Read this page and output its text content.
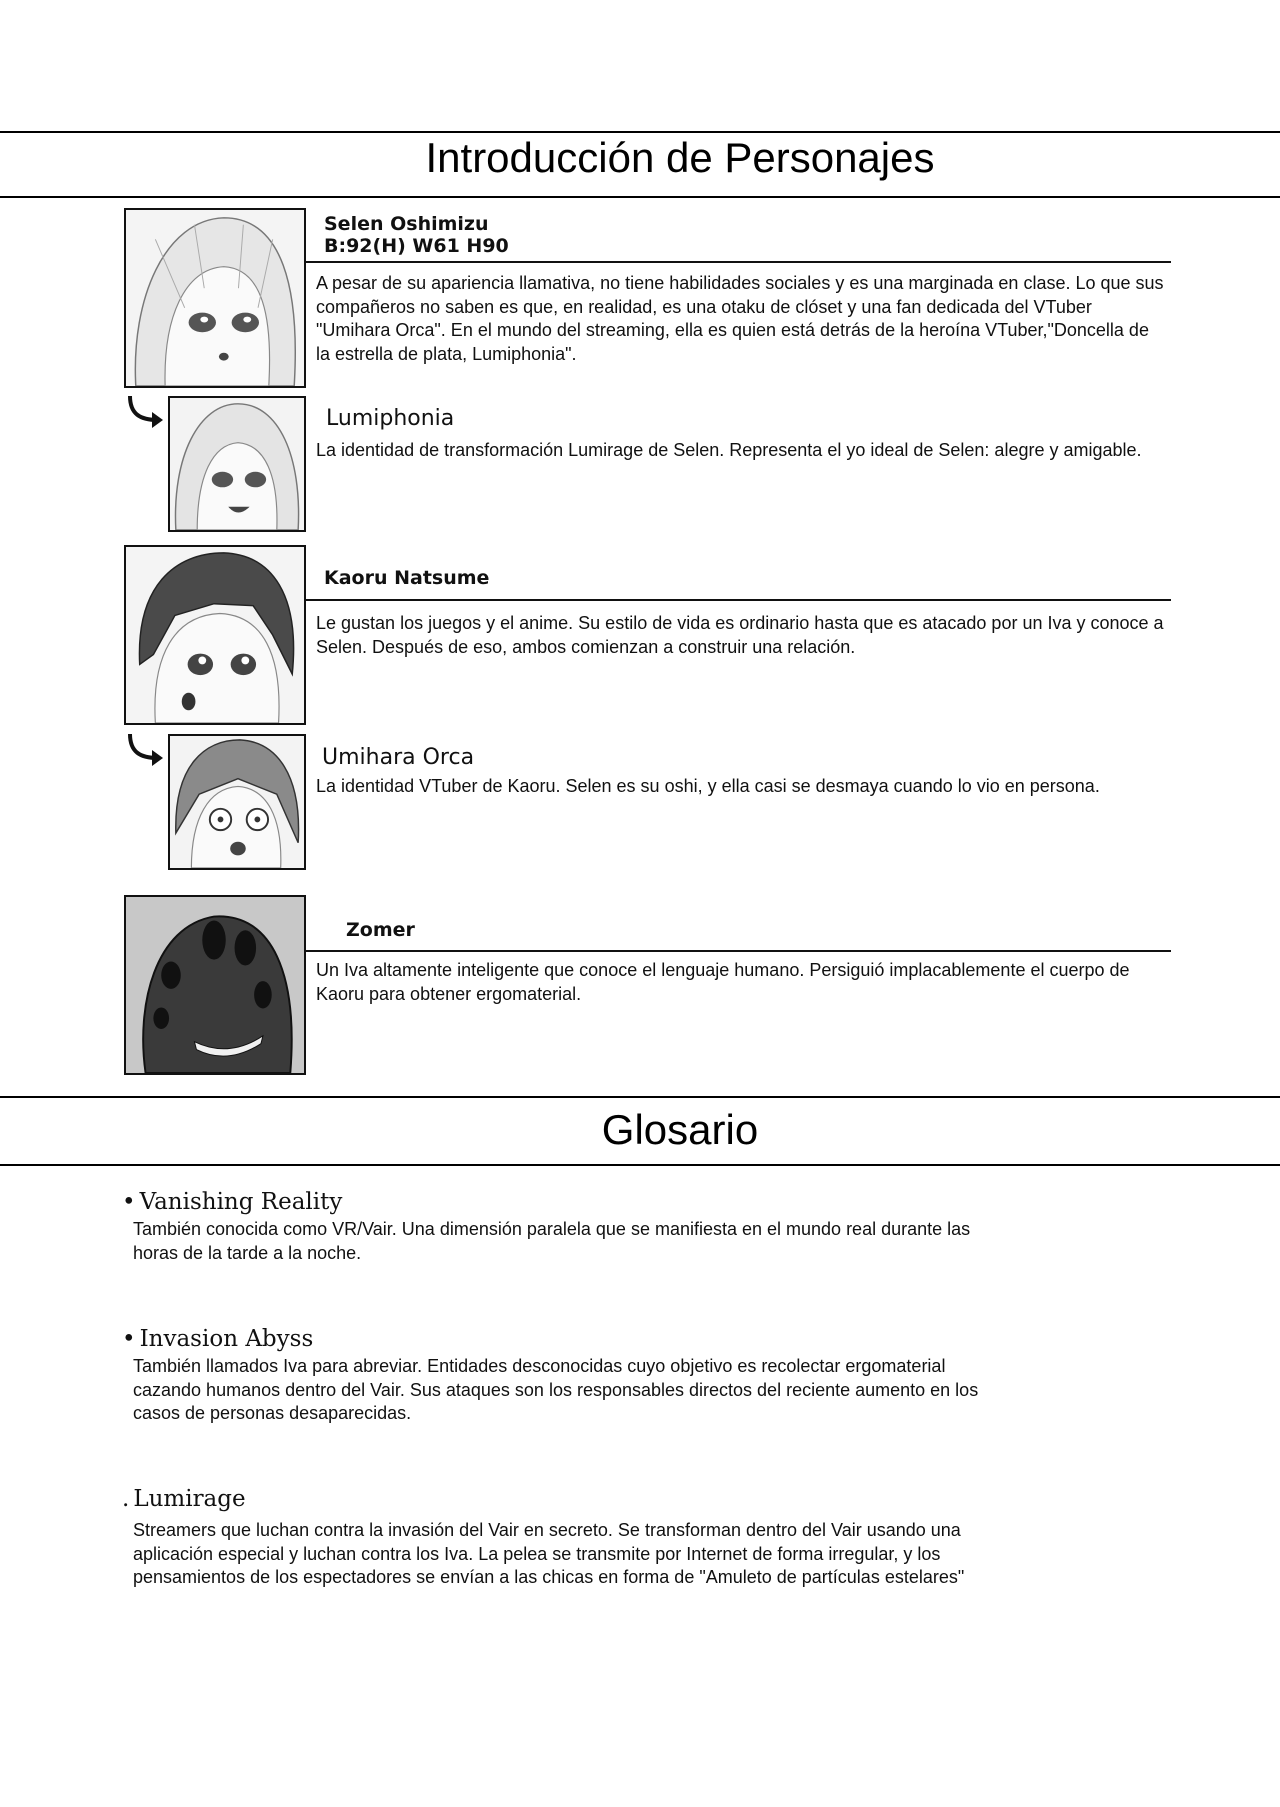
Introducción de Personajes
Selen Oshimizu
B:92(H) W61 H90
A pesar de su apariencia llamativa, no tiene habilidades sociales y es una marginada en clase. Lo que sus compañeros no saben es que, en realidad, es una otaku de clóset y una fan dedicada del VTuber "Umihara Orca". En el mundo del streaming, ella es quien está detrás de la heroína VTuber,"Doncella de la estrella de plata, Lumiphonia".
Lumiphonia
La identidad de transformación Lumirage de Selen. Representa el yo ideal de Selen: alegre y amigable.
Kaoru Natsume
Le gustan los juegos y el anime. Su estilo de vida es ordinario hasta que es atacado por un Iva y conoce a Selen. Después de eso, ambos comienzan a construir una relación.
Umihara Orca
La identidad VTuber de Kaoru. Selen es su oshi, y ella casi se desmaya cuando lo vio en persona.
Zomer
Un Iva altamente inteligente que conoce el lenguaje humano. Persiguió implacablemente el cuerpo de Kaoru para obtener ergomaterial.
Glosario
• Vanishing Reality
También conocida como VR/Vair. Una dimensión paralela que se manifiesta en el mundo real durante las horas de la tarde a la noche.
• Invasion Abyss
También llamados Iva para abreviar. Entidades desconocidas cuyo objetivo es recolectar ergomaterial cazando humanos dentro del Vair. Sus ataques son los responsables directos del reciente aumento en los casos de personas desaparecidas.
. Lumirage
Streamers que luchan contra la invasión del Vair en secreto. Se transforman dentro del Vair usando una aplicación especial y luchan contra los Iva. La pelea se transmite por Internet de forma irregular, y los pensamientos de los espectadores se envían a las chicas en forma de "Amuleto de partículas estelares"
